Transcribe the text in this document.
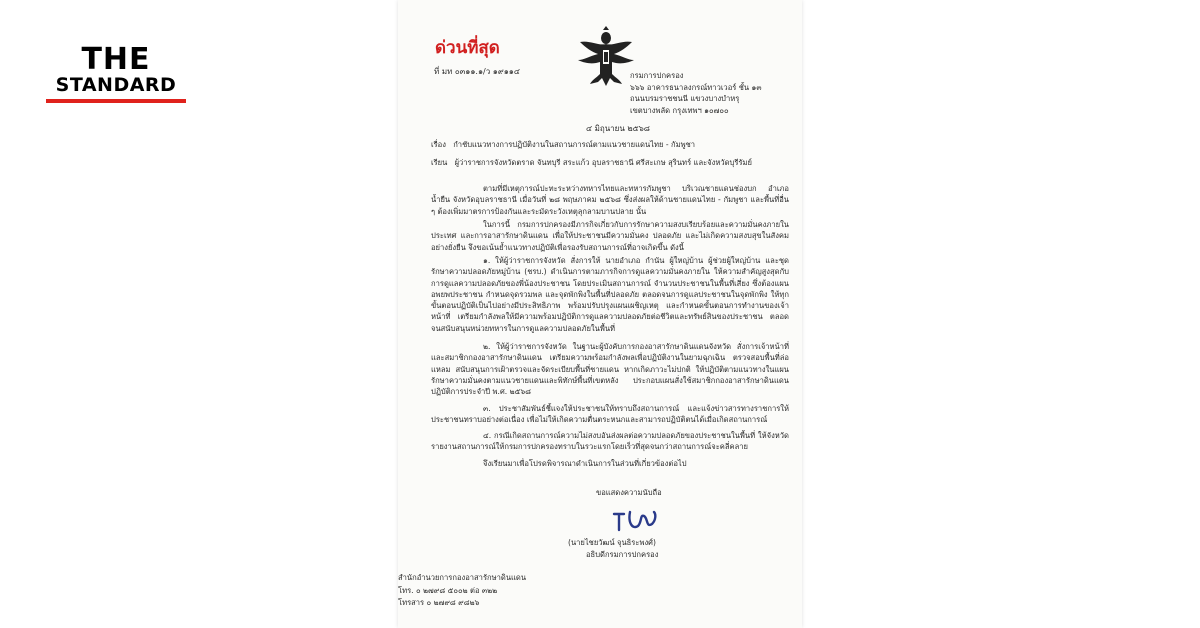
THE
STANDARD
ด่วนที่สุด
ที่ มท ๐๓๑๑.๑/ว ๑๙๑๑๔	กรมการปกครอง
๖๖๖ อาคารธนาลงกรณ์ทาวเวอร์ ชั้น ๑๓
ถนนบรมราชชนนี แขวงบางบำหรุ
เขตบางพลัด กรุงเทพฯ ๑๐๗๐๐
๔ มิถุนายน ๒๕๖๘
เรื่อง กำชับแนวทางการปฏิบัติงานในสถานการณ์ตามแนวชายแดนไทย - กัมพูชา
เรียน ผู้ว่าราชการจังหวัดตราด จันทบุรี สระแก้ว อุบลราชธานี ศรีสะเกษ สุรินทร์ และจังหวัดบุรีรัมย์
ตามที่มีเหตุการณ์ปะทะระหว่างทหารไทยและทหารกัมพูชา บริเวณชายแดนช่องบก อำเภอน้ำยืน จังหวัดอุบลราชธานี เมื่อวันที่ ๒๘ พฤษภาคม ๒๕๖๘ ซึ่งส่งผลให้ด้านชายแดนไทย - กัมพูชา และพื้นที่อื่น ๆ ต้องเพิ่มมาตรการป้องกันและระมัดระวังเหตุลุกลามบานปลาย นั้น
ในการนี้ กรมการปกครองมีภารกิจเกี่ยวกับการรักษาความสงบเรียบร้อยและความมั่นคงภายในประเทศ และการอาสารักษาดินแดน เพื่อให้ประชาชนมีความมั่นคง ปลอดภัย และไม่เกิดความสงบสุขในสังคมอย่างยั่งยืน จึงขอเน้นย้ำแนวทางปฏิบัติเพื่อรองรับสถานการณ์ที่อาจเกิดขึ้น ดังนี้
๑. ให้ผู้ว่าราชการจังหวัด สั่งการให้ นายอำเภอ กำนัน ผู้ใหญ่บ้าน ผู้ช่วยผู้ใหญ่บ้าน และชุดรักษาความปลอดภัยหมู่บ้าน (ชรบ.) ดำเนินการตามภารกิจการดูแลความมั่นคงภายใน ให้ความสำคัญสูงสุดกับการดูแลความปลอดภัยของพี่น้องประชาชน โดยประเมินสถานการณ์ จำนวนประชาชนในพื้นที่เสี่ยง ซึ่งต้องแผนอพยพประชาชน กำหนดจุดรวมพล และจุดพักพิงในพื้นที่ปลอดภัย ตลอดจนการดูแลประชาชนในจุดพักพิง ให้ทุกขั้นตอนปฏิบัติเป็นไปอย่างมีประสิทธิภาพ พร้อมปรับปรุงแผนเผชิญเหตุ และกำหนดขั้นตอนการทำงานของเจ้าหน้าที่ เตรียมกำลังพลให้มีความพร้อมปฏิบัติการดูแลความปลอดภัยต่อชีวิตและทรัพย์สินของประชาชน ตลอดจนสนับสนุนหน่วยทหารในการดูแลความปลอดภัยในพื้นที่
๒. ให้ผู้ว่าราชการจังหวัด ในฐานะผู้บังคับการกองอาสารักษาดินแดนจังหวัด สั่งการเจ้าหน้าที่และสมาชิกกองอาสารักษาดินแดน เตรียมความพร้อมกำลังพลเพื่อปฏิบัติงานในยามฉุกเฉิน ตรวจสอบพื้นที่ล่อแหลม สนับสนุนการเฝ้าตรวจและจัดระเบียบพื้นที่ชายแดน หากเกิดภาวะไม่ปกติ ให้ปฏิบัติตามแนวทางในแผนรักษาความมั่นคงตามแนวชายแดนและพิทักษ์พื้นที่เขตหลัง ประกอบแผนสั่งใช้สมาชิกกองอาสารักษาดินแดน ปฏิบัติการประจำปี พ.ศ. ๒๕๖๘
๓. ประชาสัมพันธ์ชี้แจงให้ประชาชนให้ทราบถึงสถานการณ์ และแจ้งข่าวสารทางราชการให้ประชาชนทราบอย่างต่อเนื่อง เพื่อไม่ให้เกิดความตื่นตระหนกและสามารถปฏิบัติตนได้เมื่อเกิดสถานการณ์
๔. กรณีเกิดสถานการณ์ความไม่สงบอันส่งผลต่อความปลอดภัยของประชาชนในพื้นที่ ให้จังหวัดรายงานสถานการณ์ให้กรมการปกครองทราบในรวะแรกโดยเร็วที่สุดจนกว่าสถานการณ์จะคลี่คลาย
จึงเรียนมาเพื่อโปรดพิจารณาดำเนินการในส่วนที่เกี่ยวข้องต่อไป
ขอแสดงความนับถือ
(นายไชยวัฒน์ จุนธิระพงศ์)
อธิบดีกรมการปกครอง
สำนักอำนวยการกองอาสารักษาดินแดน
โทร. ๐ ๒๗๙๘ ๕๐๐๒ ต่อ ๓๒๒
โทรสาร ๐ ๒๗๙๘ ๙๘๒๖
